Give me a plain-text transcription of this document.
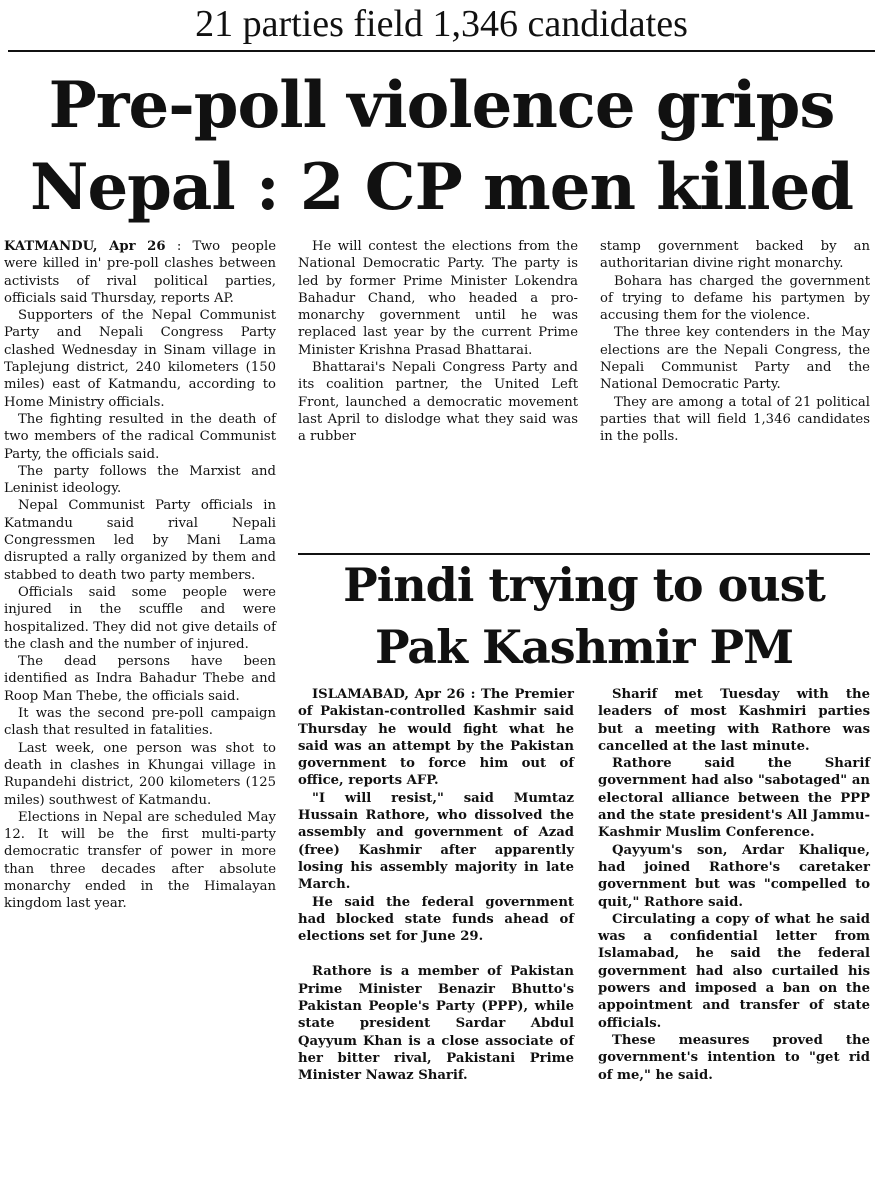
21 parties field 1,346 candidates
Pre-poll violence grips
Nepal : 2 CP men killed

KATMANDU, Apr 26 : Two people were killed in' pre-poll clashes between activists of rival political parties, officials said Thursday, reports AP.

Supporters of the Nepal Communist Party and Nepali Congress Party clashed Wednesday in Sinam village in Taplejung district, 240 kilometers (150 miles) east of Katmandu, according to Home Ministry officials.

The fighting resulted in the death of two members of the radical Communist Party, the officials said.

The party follows the Marxist and Leninist ideology.

Nepal Communist Party officials in Katmandu said rival Nepali Congressmen led by Mani Lama disrupted a rally organized by them and stabbed to death two party members.

Officials said some people were injured in the scuffle and were hospitalized. They did not give details of the clash and the number of injured.

The dead persons have been identified as Indra Bahadur Thebe and Roop Man Thebe, the officials said.

It was the second pre-poll campaign clash that resulted in fatalities.

Last week, one person was shot to death in clashes in Khungai village in Rupandehi district, 200 kilometers (125 miles) southwest of Katmandu.

Elections in Nepal are scheduled May 12. It will be the first multi-party democratic transfer of power in more than three decades after absolute monarchy ended in the Himalayan kingdom last year.

He will contest the elections from the National Democratic Party. The party is led by former Prime Minister Lokendra Bahadur Chand, who headed a pro-monarchy government until he was replaced last year by the current Prime Minister Krishna Prasad Bhattarai.

Bhattarai's Nepali Congress Party and its coalition partner, the United Left Front, launched a democratic movement last April to dislodge what they said was a rubber

stamp government backed by an authoritarian divine right monarchy.

Bohara has charged the government of trying to defame his partymen by accusing them for the violence.

The three key contenders in the May elections are the Nepali Congress, the Nepali Communist Party and the National Democratic Party.

They are among a total of 21 political parties that will field 1,346 candidates in the polls.

Pindi trying to oust
Pak Kashmir PM

ISLAMABAD, Apr 26 : The Premier of Pakistan-controlled Kashmir said Thursday he would fight what he said was an attempt by the Pakistan government to force him out of office, reports AFP.

"I will resist," said Mumtaz Hussain Rathore, who dissolved the assembly and government of Azad (free) Kashmir after apparently losing his assembly majority in late March.

He said the federal government had blocked state funds ahead of elections set for June 29.

Rathore is a member of Pakistan Prime Minister Benazir Bhutto's Pakistan People's Party (PPP), while state president Sardar Abdul Qayyum Khan is a close associate of her bitter rival, Pakistani Prime Minister Nawaz Sharif.

Sharif met Tuesday with the leaders of most Kashmiri parties but a meeting with Rathore was cancelled at the last minute.

Rathore said the Sharif government had also "sabotaged" an electoral alliance between the PPP and the state president's All Jammu-Kashmir Muslim Conference.

Qayyum's son, Ardar Khalique, had joined Rathore's caretaker government but was "compelled to quit," Rathore said.

Circulating a copy of what he said was a confidential letter from Islamabad, he said the federal government had also curtailed his powers and imposed a ban on the appointment and transfer of state officials.

These measures proved the government's intention to "get rid of me," he said.
